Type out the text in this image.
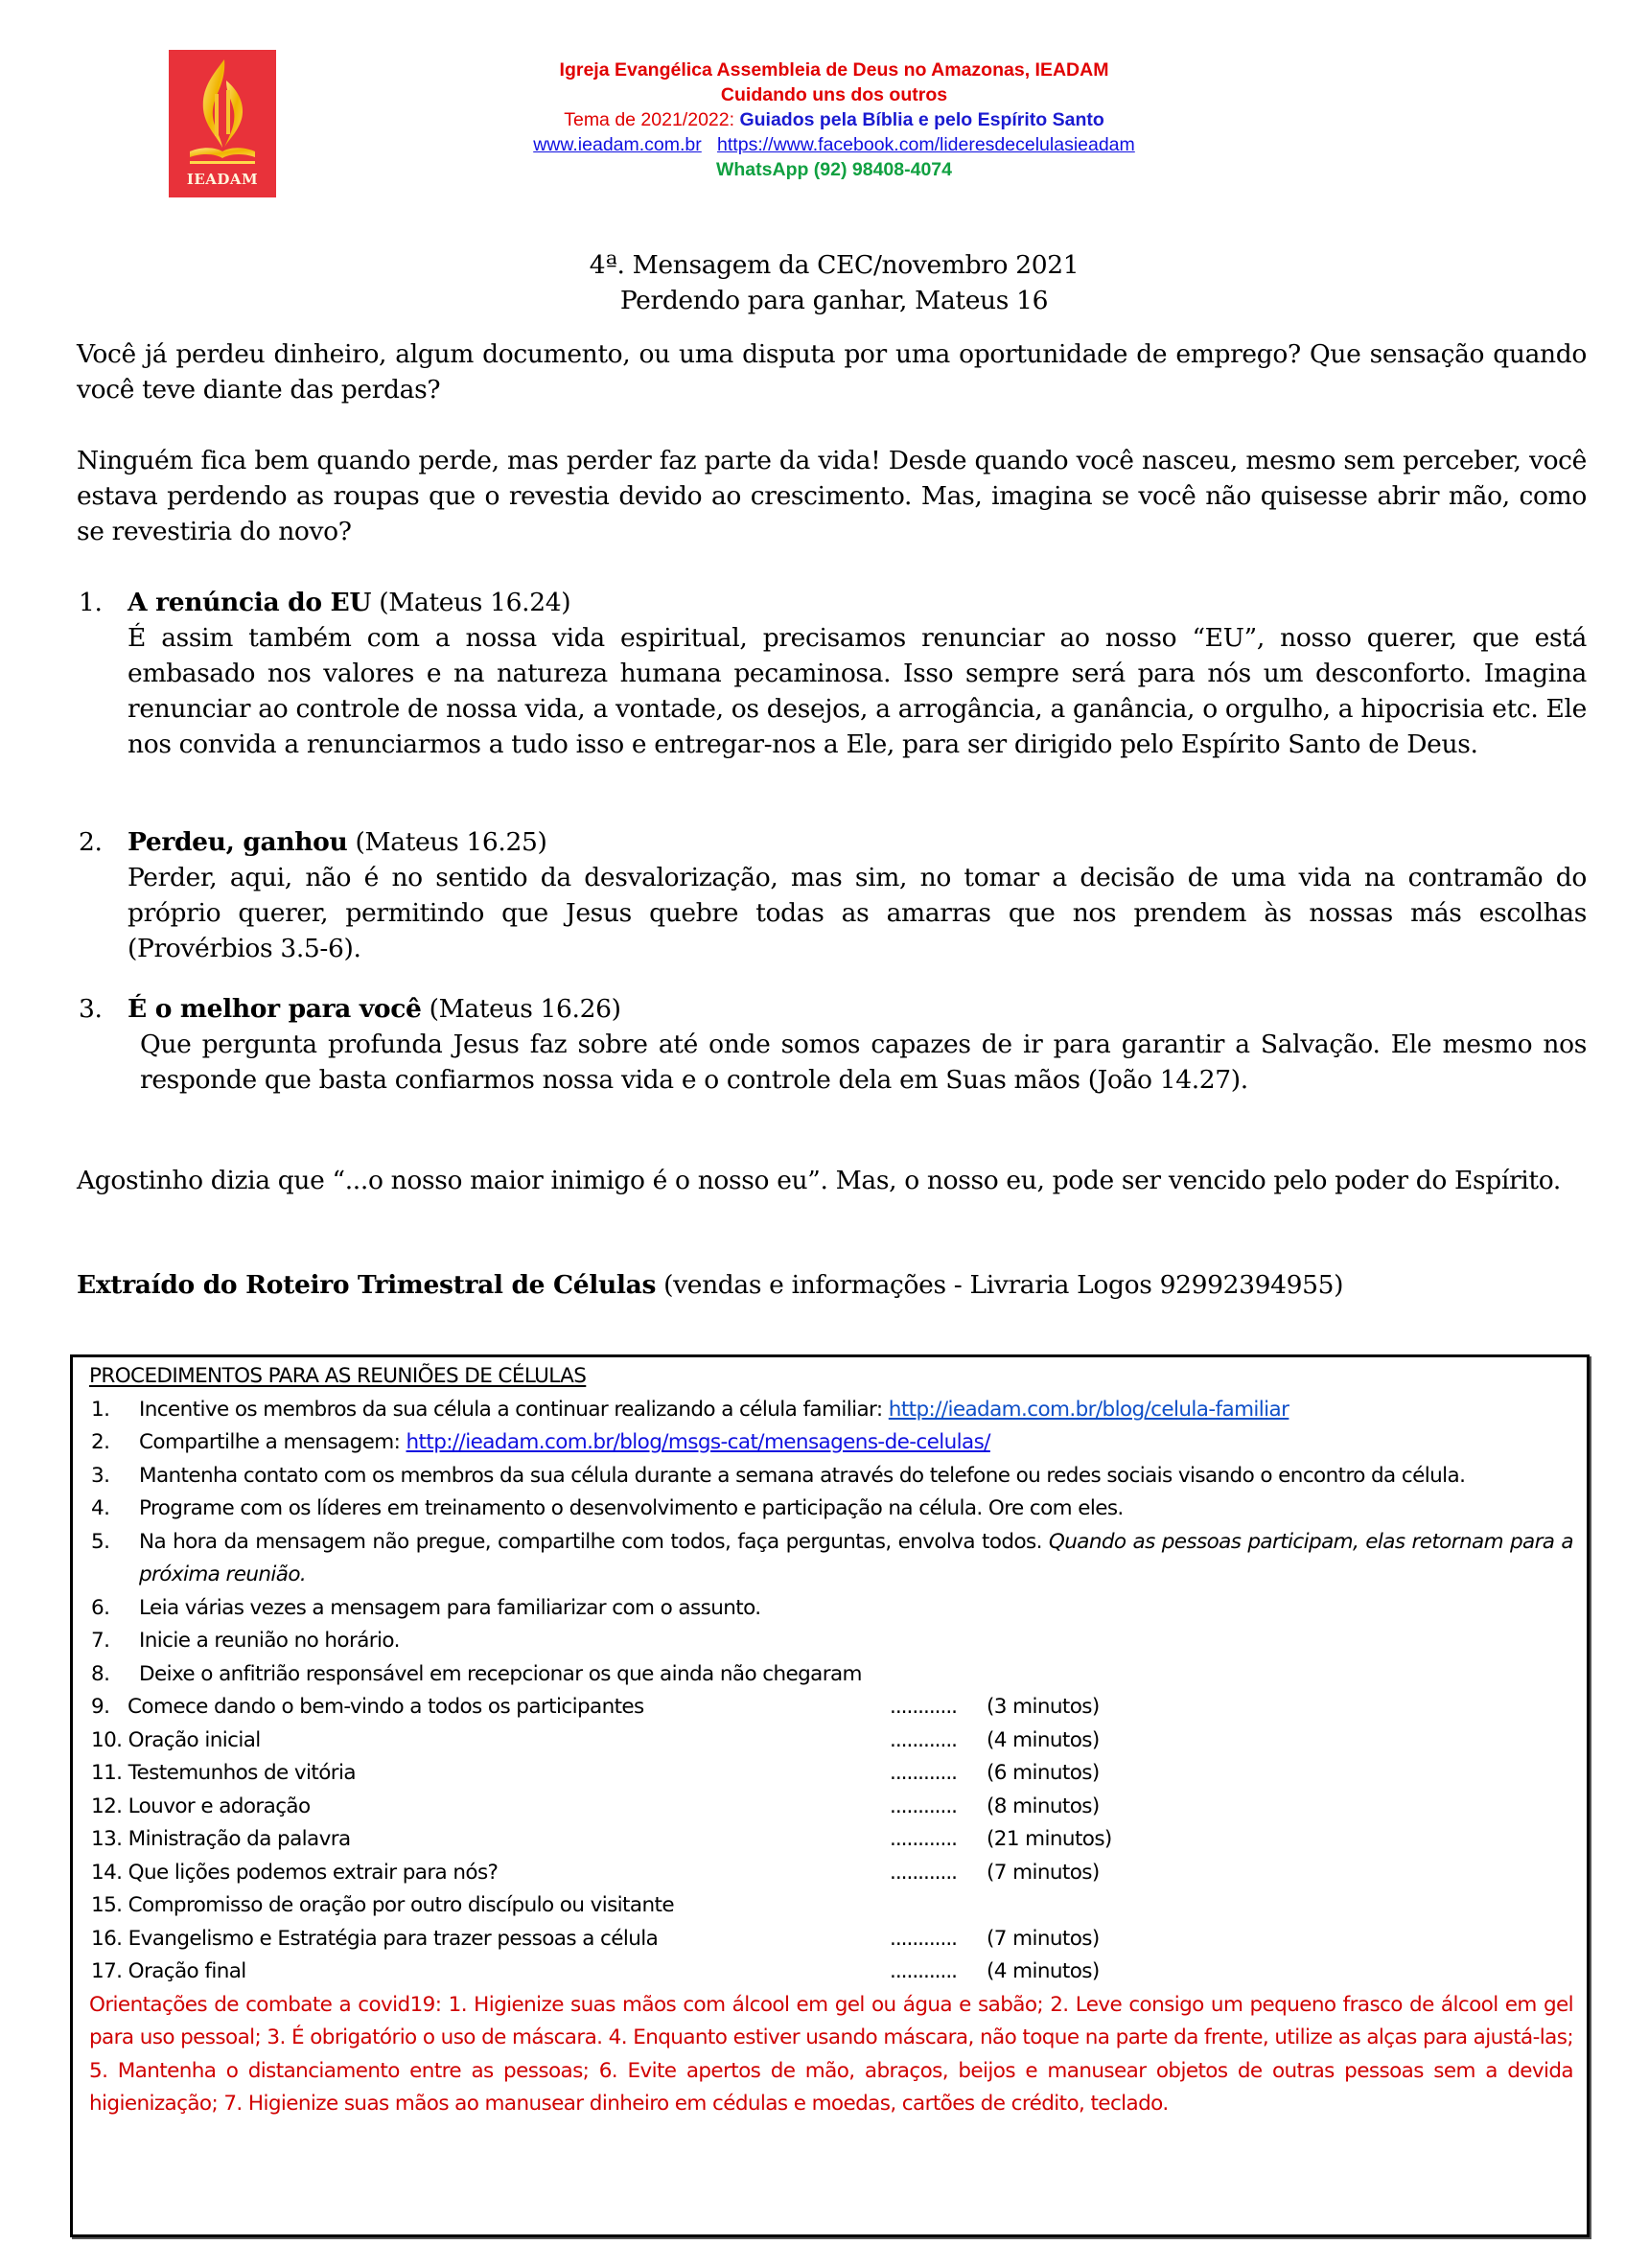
IEADAM
Igreja Evangélica Assembleia de Deus no Amazonas, IEADAM
Cuidando uns dos outros
Tema de 2021/2022: Guiados pela Bíblia e pelo Espírito Santo
www.ieadam.com.br https://www.facebook.com/lideresdecelulasieadam
WhatsApp (92) 98408-4074
4ª. Mensagem da CEC/novembro 2021
Perdendo para ganhar, Mateus 16
Você já perdeu dinheiro, algum documento, ou uma disputa por uma oportunidade de emprego? Que sensação quando você teve diante das perdas?
Ninguém fica bem quando perde, mas perder faz parte da vida! Desde quando você nasceu, mesmo sem perceber, você estava perdendo as roupas que o revestia devido ao crescimento. Mas, imagina se você não quisesse abrir mão, como se revestiria do novo?
1. A renúncia do EU (Mateus 16.24)
É assim também com a nossa vida espiritual, precisamos renunciar ao nosso “EU”, nosso querer, que está embasado nos valores e na natureza humana pecaminosa. Isso sempre será para nós um desconforto. Imagina renunciar ao controle de nossa vida, a vontade, os desejos, a arrogância, a ganância, o orgulho, a hipocrisia etc. Ele nos convida a renunciarmos a tudo isso e entregar-nos a Ele, para ser dirigido pelo Espírito Santo de Deus.
2. Perdeu, ganhou (Mateus 16.25)
Perder, aqui, não é no sentido da desvalorização, mas sim, no tomar a decisão de uma vida na contramão do próprio querer, permitindo que Jesus quebre todas as amarras que nos prendem às nossas más escolhas (Provérbios 3.5-6).
3. É o melhor para você (Mateus 16.26)
Que pergunta profunda Jesus faz sobre até onde somos capazes de ir para garantir a Salvação. Ele mesmo nos responde que basta confiarmos nossa vida e o controle dela em Suas mãos (João 14.27).
Agostinho dizia que “...o nosso maior inimigo é o nosso eu”. Mas, o nosso eu, pode ser vencido pelo poder do Espírito.
Extraído do Roteiro Trimestral de Células (vendas e informações - Livraria Logos 92992394955)
PROCEDIMENTOS PARA AS REUNIÕES DE CÉLULAS
1. Incentive os membros da sua célula a continuar realizando a célula familiar: http://ieadam.com.br/blog/celula-familiar
2. Compartilhe a mensagem: http://ieadam.com.br/blog/msgs-cat/mensagens-de-celulas/
3. Mantenha contato com os membros da sua célula durante a semana através do telefone ou redes sociais visando o encontro da célula.
4. Programe com os líderes em treinamento o desenvolvimento e participação na célula. Ore com eles.
5. Na hora da mensagem não pregue, compartilhe com todos, faça perguntas, envolva todos. Quando as pessoas participam, elas retornam para a próxima reunião.
6. Leia várias vezes a mensagem para familiarizar com o assunto.
7. Inicie a reunião no horário.
8. Deixe o anfitrião responsável em recepcionar os que ainda não chegaram
9.   Comece dando o bem-vindo a todos os participantes	............ (3 minutos)
10. Oração inicial	............ (4 minutos)
11. Testemunhos de vitória	............ (6 minutos)
12. Louvor e adoração	............ (8 minutos)
13. Ministração da palavra	............ (21 minutos)
14. Que lições podemos extrair para nós?	............ (7 minutos)
15. Compromisso de oração por outro discípulo ou visitante
16. Evangelismo e Estratégia para trazer pessoas a célula	............ (7 minutos)
17. Oração final	............ (4 minutos)
Orientações de combate a covid19: 1. Higienize suas mãos com álcool em gel ou água e sabão; 2. Leve consigo um pequeno frasco de álcool em gel para uso pessoal; 3. É obrigatório o uso de máscara. 4. Enquanto estiver usando máscara, não toque na parte da frente, utilize as alças para ajustá-las; 5. Mantenha o distanciamento entre as pessoas; 6. Evite apertos de mão, abraços, beijos e manusear objetos de outras pessoas sem a devida higienização; 7. Higienize suas mãos ao manusear dinheiro em cédulas e moedas, cartões de crédito, teclado.
